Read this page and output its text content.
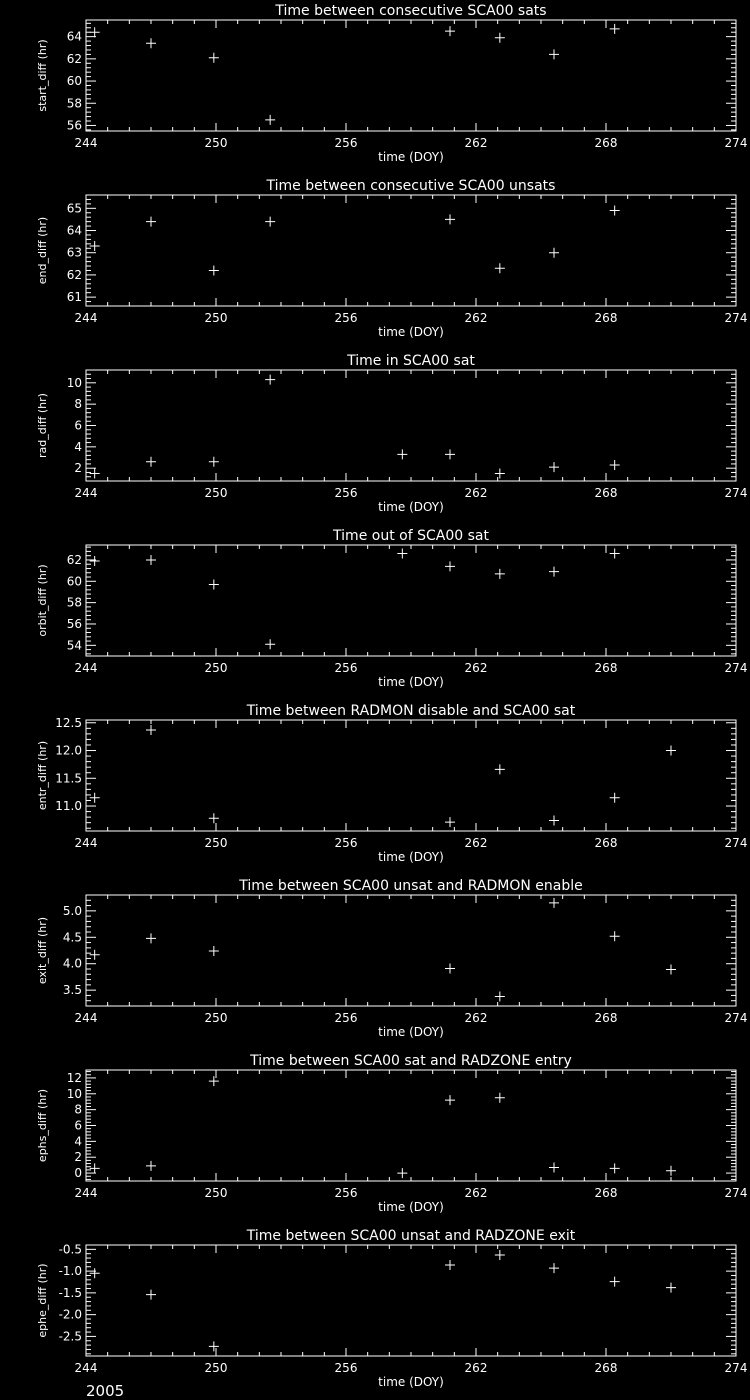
Time between consecutive SCA00 sats
244	250	256	262	268	274
time (DOY)
56
58
60
62
64
start_diff (hr)
Time between consecutive SCA00 unsats
244	250	256	262	268	274
time (DOY)
61
62
63
64
65
end_diff (hr)
Time in SCA00 sat
244	250	256	262	268	274
time (DOY)
2
4
6
8
10
rad_diff (hr)
Time out of SCA00 sat
244	250	256	262	268	274
time (DOY)
54
56
58
60
62
orbit_diff (hr)
Time between RADMON disable and SCA00 sat
244	250	256	262	268	274
time (DOY)
11.0
11.5
12.0
12.5
entr_diff (hr)
Time between SCA00 unsat and RADMON enable
244	250	256	262	268	274
time (DOY)
3.5
4.0
4.5
5.0
exit_diff (hr)
Time between SCA00 sat and RADZONE entry
244	250	256	262	268	274
time (DOY)
0
2
4
6
8
10
12
ephs_diff (hr)
Time between SCA00 unsat and RADZONE exit
244	250	256	262	268	274
time (DOY)
-2.5
-2.0
-1.5
-1.0
-0.5
ephe_diff (hr)
2005
